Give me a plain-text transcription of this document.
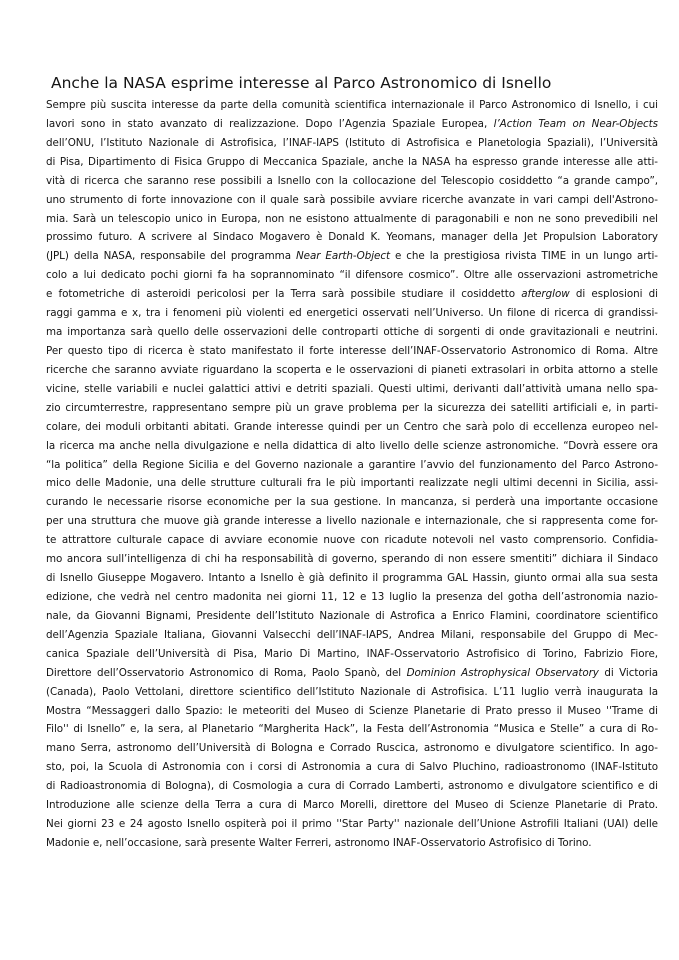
Anche la NASA esprime interesse al Parco Astronomico di Isnello
Sempre più suscita interesse da parte della comunità scientifica internazionale il Parco Astronomico di Isnello, i cui
lavori sono in stato avanzato di realizzazione. Dopo l’Agenzia Spaziale Europea, l’Action Team on Near-Objects
dell’ONU, l’Istituto Nazionale di Astrofisica, l’INAF-IAPS (Istituto di Astrofisica e Planetologia Spaziali), l’Università
di Pisa, Dipartimento di Fisica Gruppo di Meccanica Spaziale, anche la NASA ha espresso grande interesse alle atti-
vità di ricerca che saranno rese possibili a Isnello con la collocazione del Telescopio cosiddetto “a grande campo”,
uno strumento di forte innovazione con il quale sarà possibile avviare ricerche avanzate in vari campi dell'Astrono-
mia. Sarà un telescopio unico in Europa, non ne esistono attualmente di paragonabili e non ne sono prevedibili nel
prossimo futuro. A scrivere al Sindaco Mogavero è Donald K. Yeomans, manager della Jet Propulsion Laboratory
(JPL) della NASA, responsabile del programma Near Earth-Object e che la prestigiosa rivista TIME in un lungo arti-
colo a lui dedicato pochi giorni fa ha soprannominato “il difensore cosmico”. Oltre alle osservazioni astrometriche
e fotometriche di asteroidi pericolosi per la Terra sarà possibile studiare il cosiddetto afterglow di esplosioni di
raggi gamma e x, tra i fenomeni più violenti ed energetici osservati nell’Universo. Un filone di ricerca di grandissi-
ma importanza sarà quello delle osservazioni delle controparti ottiche di sorgenti di onde gravitazionali e neutrini.
Per questo tipo di ricerca è stato manifestato il forte interesse dell’INAF-Osservatorio Astronomico di Roma. Altre
ricerche che saranno avviate riguardano la scoperta e le osservazioni di pianeti extrasolari in orbita attorno a stelle
vicine, stelle variabili e nuclei galattici attivi e detriti spaziali. Questi ultimi, derivanti dall’attività umana nello spa-
zio circumterrestre, rappresentano sempre più un grave problema per la sicurezza dei satelliti artificiali e, in parti-
colare, dei moduli orbitanti abitati. Grande interesse quindi per un Centro che sarà polo di eccellenza europeo nel-
la ricerca ma anche nella divulgazione e nella didattica di alto livello delle scienze astronomiche. “Dovrà essere ora
“la politica” della Regione Sicilia e del Governo nazionale a garantire l’avvio del funzionamento del Parco Astrono-
mico delle Madonie, una delle strutture culturali fra le più importanti realizzate negli ultimi decenni in Sicilia, assi-
curando le necessarie risorse economiche per la sua gestione. In mancanza, si perderà una importante occasione
per una struttura che muove già grande interesse a livello nazionale e internazionale, che si rappresenta come for-
te attrattore culturale capace di avviare economie nuove con ricadute notevoli nel vasto comprensorio. Confidia-
mo ancora sull’intelligenza di chi ha responsabilità di governo, sperando di non essere smentiti” dichiara il Sindaco
di Isnello Giuseppe Mogavero. Intanto a Isnello è già definito il programma GAL Hassin, giunto ormai alla sua sesta
edizione, che vedrà nel centro madonita nei giorni 11, 12 e 13 luglio la presenza del gotha dell’astronomia nazio-
nale, da Giovanni Bignami, Presidente dell’Istituto Nazionale di Astrofica a Enrico Flamini, coordinatore scientifico
dell’Agenzia Spaziale Italiana, Giovanni Valsecchi dell’INAF-IAPS, Andrea Milani, responsabile del Gruppo di Mec-
canica Spaziale dell’Università di Pisa, Mario Di Martino, INAF-Osservatorio Astrofisico di Torino, Fabrizio Fiore,
Direttore dell’Osservatorio Astronomico di Roma, Paolo Spanò, del Dominion Astrophysical Observatory di Victoria
(Canada), Paolo Vettolani, direttore scientifico dell’Istituto Nazionale di Astrofisica. L’11 luglio verrà inaugurata la
Mostra “Messaggeri dallo Spazio: le meteoriti del Museo di Scienze Planetarie di Prato presso il Museo ''Trame di
Filo'' di Isnello” e, la sera, al Planetario “Margherita Hack”, la Festa dell’Astronomia “Musica e Stelle” a cura di Ro-
mano Serra, astronomo dell’Università di Bologna e Corrado Ruscica, astronomo e divulgatore scientifico. In ago-
sto, poi, la Scuola di Astronomia con i corsi di Astronomia a cura di Salvo Pluchino, radioastronomo (INAF-Istituto
di Radioastronomia di Bologna), di Cosmologia a cura di Corrado Lamberti, astronomo e divulgatore scientifico e di
Introduzione alle scienze della Terra a cura di Marco Morelli, direttore del Museo di Scienze Planetarie di Prato.
Nei giorni 23 e 24 agosto Isnello ospiterà poi il primo ''Star Party'' nazionale dell’Unione Astrofili Italiani (UAI) delle
Madonie e, nell’occasione, sarà presente Walter Ferreri, astronomo INAF-Osservatorio Astrofisico di Torino.
